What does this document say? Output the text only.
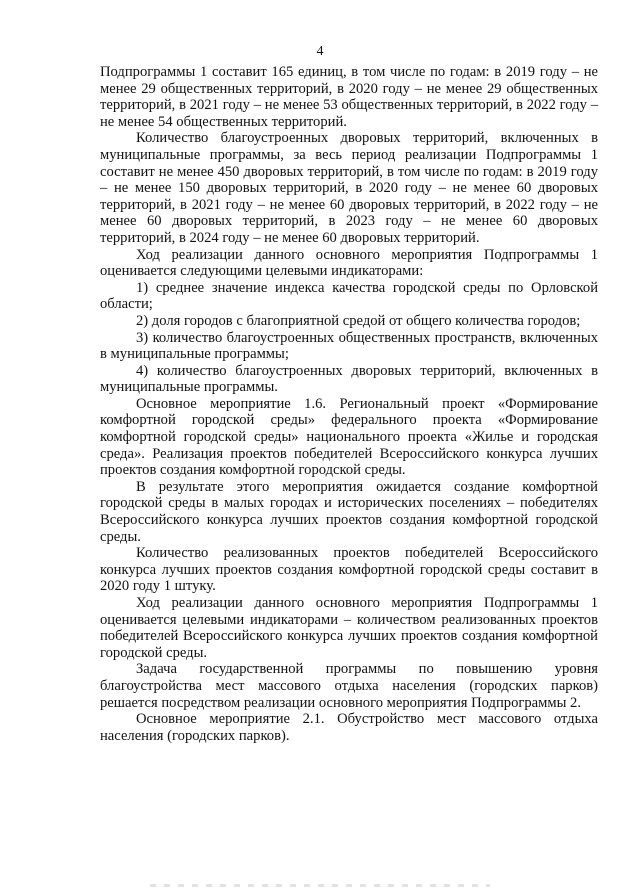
4

Подпрограммы 1 составит 165 единиц, в том числе по годам: в 2019 году – не менее 29 общественных территорий, в 2020 году – не менее 29 общественных территорий, в 2021 году – не менее 53 общественных территорий, в 2022 году – не менее 54 общественных территорий.

Количество благоустроенных дворовых территорий, включенных в муниципальные программы, за весь период реализации Подпрограммы 1 составит не менее 450 дворовых территорий, в том числе по годам: в 2019 году – не менее 150 дворовых территорий, в 2020 году – не менее 60 дворовых территорий, в 2021 году – не менее 60 дворовых территорий, в 2022 году – не менее 60 дворовых территорий, в 2023 году – не менее 60 дворовых территорий, в 2024 году – не менее 60 дворовых территорий.

Ход реализации данного основного мероприятия Подпрограммы 1 оценивается следующими целевыми индикаторами:

1) среднее значение индекса качества городской среды по Орловской области;

2) доля городов с благоприятной средой от общего количества городов;

3) количество благоустроенных общественных пространств, включенных в муниципальные программы;

4) количество благоустроенных дворовых территорий, включенных в муниципальные программы.

Основное мероприятие 1.6. Региональный проект «Формирование комфортной городской среды» федерального проекта «Формирование комфортной городской среды» национального проекта «Жилье и городская среда». Реализация проектов победителей Всероссийского конкурса лучших проектов создания комфортной городской среды.

В результате этого мероприятия ожидается создание комфортной городской среды в малых городах и исторических поселениях – победителях Всероссийского конкурса лучших проектов создания комфортной городской среды.

Количество реализованных проектов победителей Всероссийского конкурса лучших проектов создания комфортной городской среды составит в 2020 году 1 штуку.

Ход реализации данного основного мероприятия Подпрограммы 1 оценивается целевыми индикаторами – количеством реализованных проектов победителей Всероссийского конкурса лучших проектов создания комфортной городской среды.

Задача государственной программы по повышению уровня благоустройства мест массового отдыха населения (городских парков) решается посредством реализации основного мероприятия Подпрограммы 2.

Основное мероприятие 2.1. Обустройство мест массового отдыха населения (городских парков).
